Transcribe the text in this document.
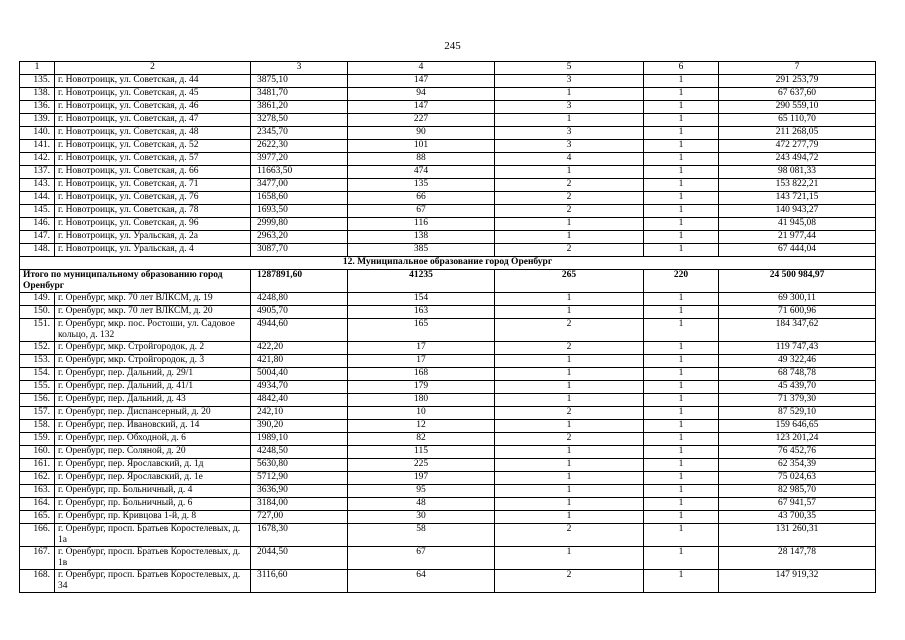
245
1	2	3	4	5	6	7
135.	г. Новотроицк, ул. Советская, д. 44	3875,10	147	3	1	291 253,79
138.	г. Новотроицк, ул. Советская, д. 45	3481,70	94	1	1	67 637,60
136.	г. Новотроицк, ул. Советская, д. 46	3861,20	147	3	1	290 559,10
139.	г. Новотроицк, ул. Советская, д. 47	3278,50	227	1	1	65 110,70
140.	г. Новотроицк, ул. Советская, д. 48	2345,70	90	3	1	211 268,05
141.	г. Новотроицк, ул. Советская, д. 52	2622,30	101	3	1	472 277,79
142.	г. Новотроицк, ул. Советская, д. 57	3977,20	88	4	1	243 494,72
137.	г. Новотроицк, ул. Советская, д. 66	11663,50	474	1	1	98 081,33
143.	г. Новотроицк, ул. Советская, д. 71	3477,00	135	2	1	153 822,21
144.	г. Новотроицк, ул. Советская, д. 76	1658,60	66	2	1	143 721,15
145.	г. Новотроицк, ул. Советская, д. 78	1693,50	67	2	1	140 943,27
146.	г. Новотроицк, ул. Советская, д. 96	2999,80	116	1	1	41 945,08
147.	г. Новотроицк, ул. Уральская, д. 2а	2963,20	138	1	1	21 977,44
148.	г. Новотроицк, ул. Уральская, д. 4	3087,70	385	2	1	67 444,04
12. Муниципальное образование город Оренбург						
Итого по муниципальному образованию город Оренбург		1287891,60	41235	265	220	24 500 984,97
149.	г. Оренбург, мкр. 70 лет ВЛКСМ, д. 19	4248,80	154	1	1	69 300,11
150.	г. Оренбург, мкр. 70 лет ВЛКСМ, д. 20	4905,70	163	1	1	71 600,96
151.	г. Оренбург, мкр. пос. Ростоши, ул. Садовое кольцо, д. 132	4944,60	165	2	1	184 347,62
152.	г. Оренбург, мкр. Стройгородок, д. 2	422,20	17	2	1	119 747,43
153.	г. Оренбург, мкр. Стройгородок, д. 3	421,80	17	1	1	49 322,46
154.	г. Оренбург, пер. Дальний, д. 29/1	5004,40	168	1	1	68 748,78
155.	г. Оренбург, пер. Дальний, д. 41/1	4934,70	179	1	1	45 439,70
156.	г. Оренбург, пер. Дальний, д. 43	4842,40	180	1	1	71 379,30
157.	г. Оренбург, пер. Диспансерный, д. 20	242,10	10	2	1	87 529,10
158.	г. Оренбург, пер. Ивановский, д. 14	390,20	12	1	1	159 646,65
159.	г. Оренбург, пер. Обходной, д. 6	1989,10	82	2	1	123 201,24
160.	г. Оренбург, пер. Соляной, д. 20	4248,50	115	1	1	76 452,76
161.	г. Оренбург, пер. Ярославский, д. 1д	5630,80	225	1	1	62 354,39
162.	г. Оренбург, пер. Ярославский, д. 1е	5712,90	197	1	1	75 024,63
163.	г. Оренбург, пр. Больничный, д. 4	3636,90	95	1	1	82 985,70
164.	г. Оренбург, пр. Больничный, д. 6	3184,00	48	1	1	67 941,57
165.	г. Оренбург, пр. Кривцова 1-й, д. 8	727,00	30	1	1	43 700,35
166.	г. Оренбург, просп. Братьев Коростелевых, д. 1а	1678,30	58	2	1	131 260,31
167.	г. Оренбург, просп. Братьев Коростелевых, д. 1в	2044,50	67	1	1	28 147,78
168.	г. Оренбург, просп. Братьев Коростелевых, д. 34	3116,60	64	2	1	147 919,32
